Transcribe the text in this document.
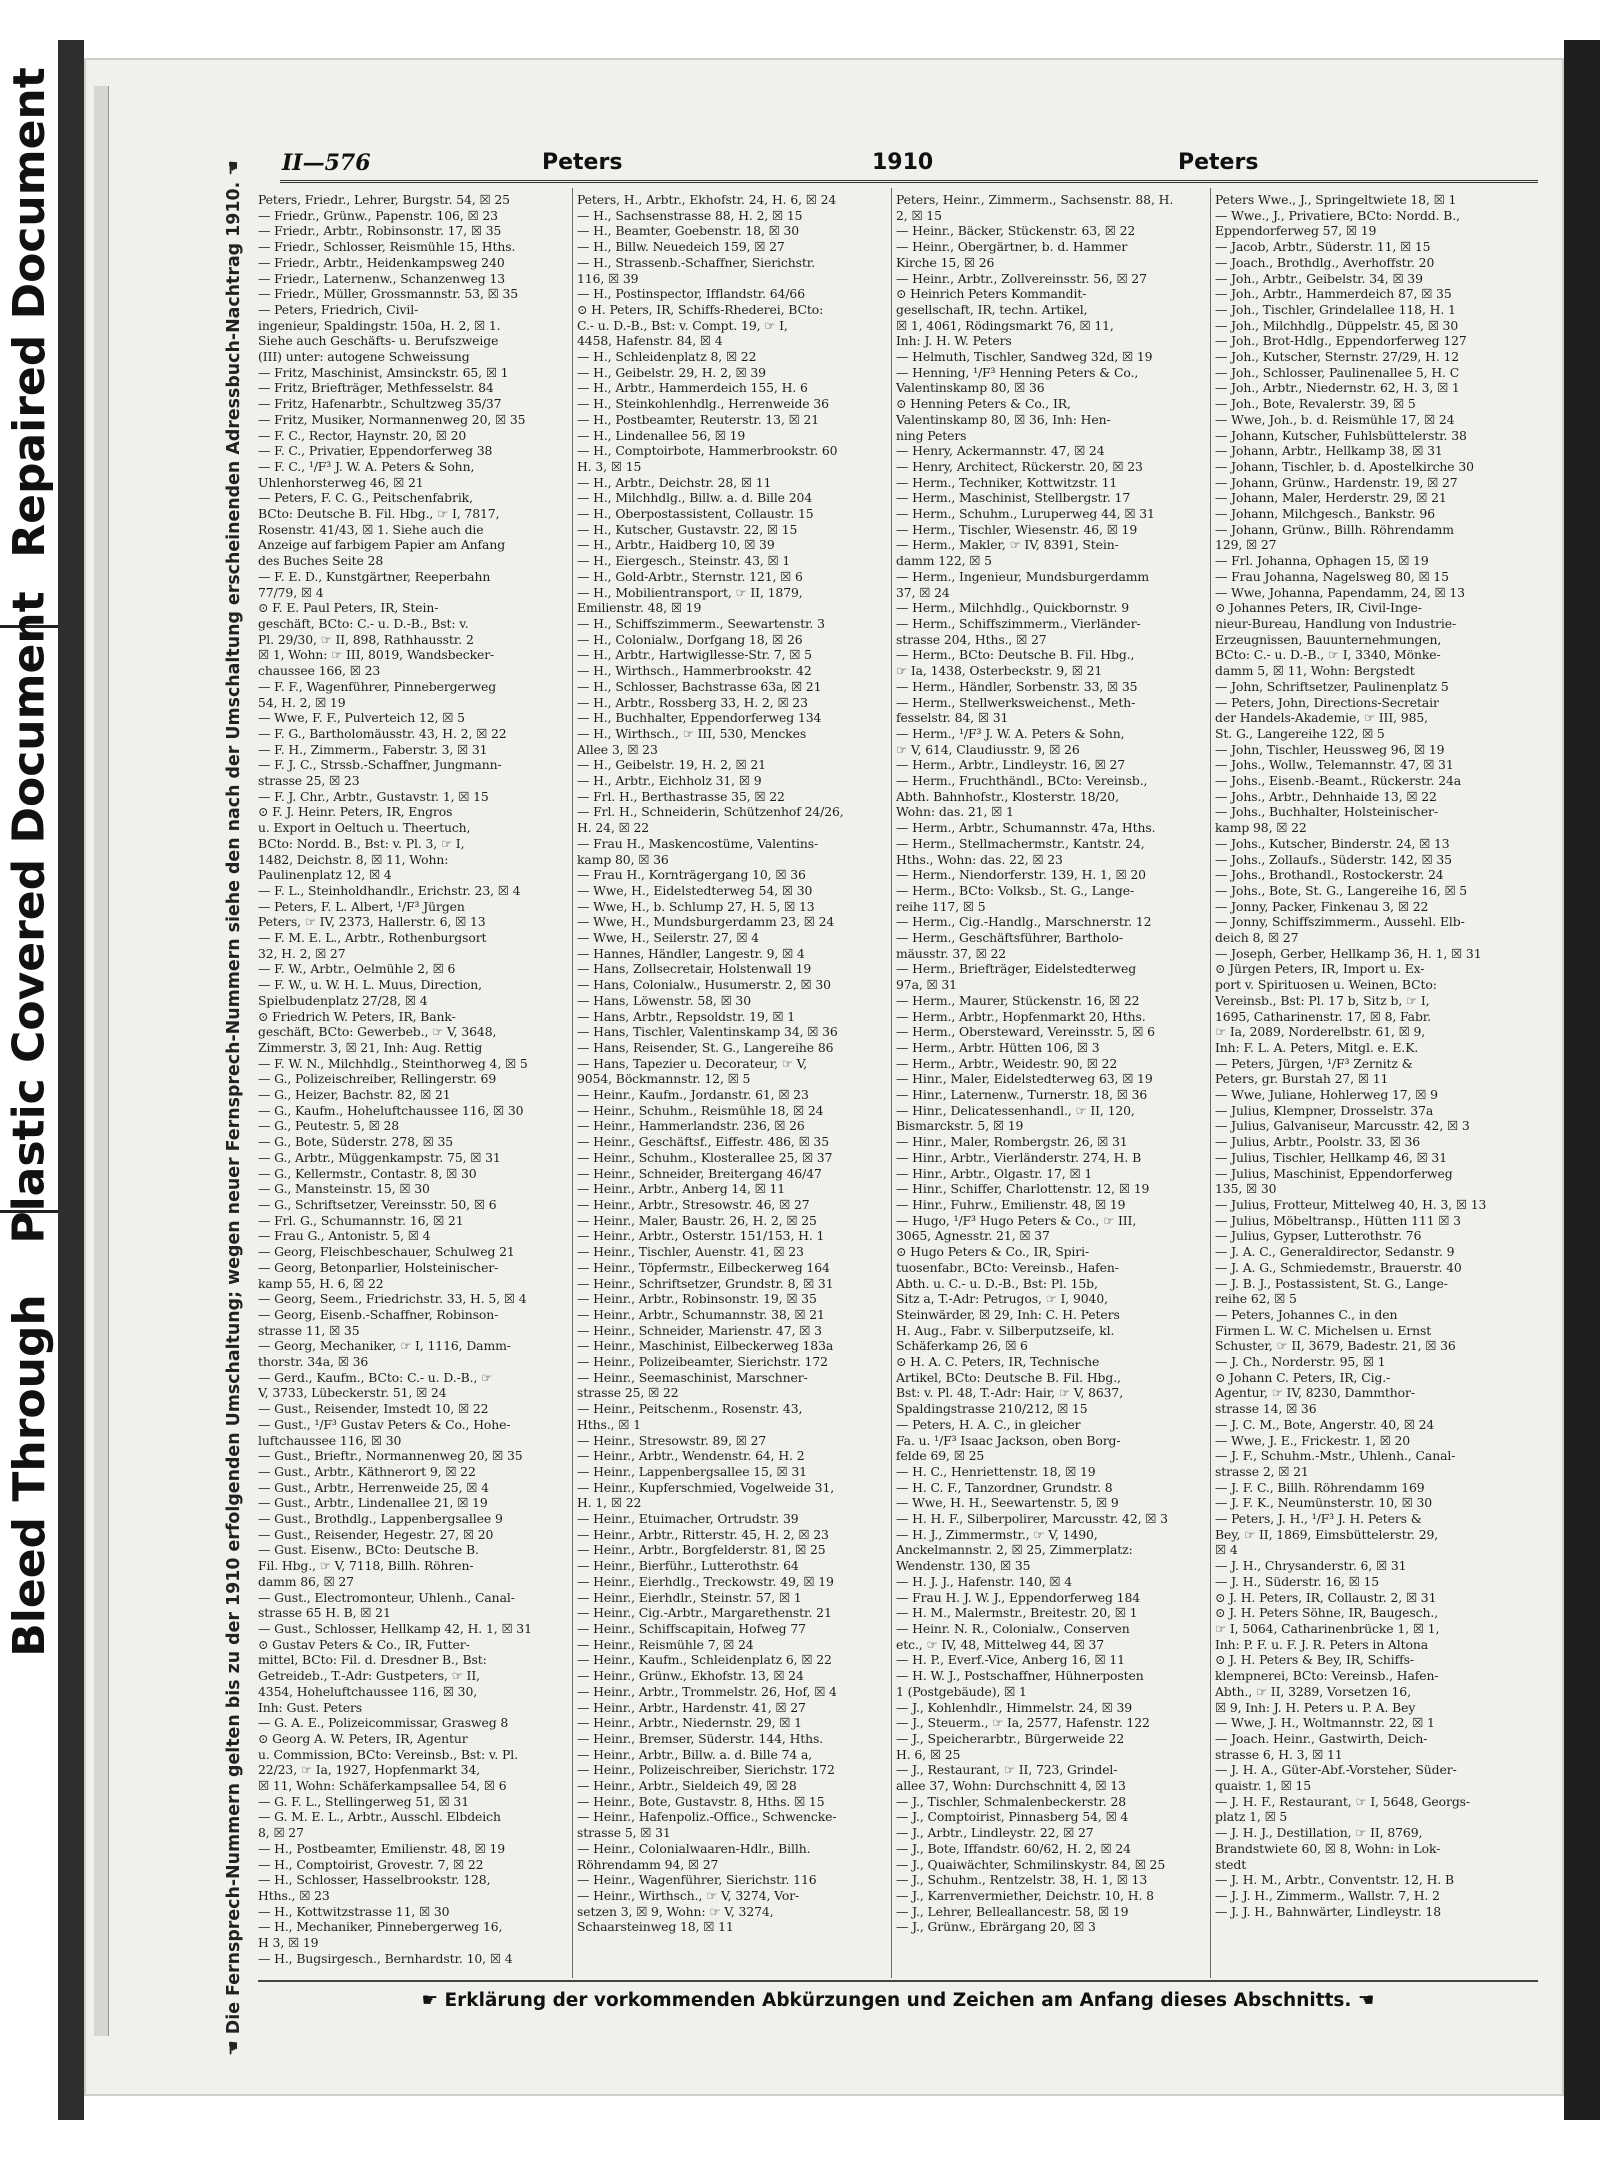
Repaired Document
Plastic Covered Document
Bleed Through	☚ Die Fernsprech-Nummern gelten bis zu der 1910 erfolgenden Umschaltung; wegen neuer Fernsprech-Nummern siehe den nach der Umschaltung erscheinenden Adressbuch-Nachtrag 1910. ☚ II—576	Peters	1910	Peters
Peters, Friedr., Lehrer, Burgstr. 54, ☒ 25
— Friedr., Grünw., Papenstr. 106, ☒ 23
— Friedr., Arbtr., Robinsonstr. 17, ☒ 35
— Friedr., Schlosser, Reismühle 15, Hths.
— Friedr., Arbtr., Heidenkampsweg 240
— Friedr., Laternenw., Schanzenweg 13
— Friedr., Müller, Grossmannstr. 53, ☒ 35
— Peters, Friedrich, Civil-
ingenieur, Spaldingstr. 150a, H. 2, ☒ 1.
Siehe auch Geschäfts- u. Berufszweige
(III) unter: autogene Schweissung
— Fritz, Maschinist, Amsinckstr. 65, ☒ 1
— Fritz, Briefträger, Methfesselstr. 84
— Fritz, Hafenarbtr., Schultzweg 35/37
— Fritz, Musiker, Normannenweg 20, ☒ 35
— F. C., Rector, Haynstr. 20, ☒ 20
— F. C., Privatier, Eppendorferweg 38
— F. C., ¹/F³ J. W. A. Peters & Sohn,
Uhlenhorsterweg 46, ☒ 21
— Peters, F. C. G., Peitschenfabrik,
BCto: Deutsche B. Fil. Hbg., ☞ I, 7817,
Rosenstr. 41/43, ☒ 1. Siehe auch die
Anzeige auf farbigem Papier am Anfang
des Buches Seite 28
— F. E. D., Kunstgärtner, Reeperbahn
77/79, ☒ 4
⊙ F. E. Paul Peters, IR, Stein-
geschäft, BCto: C.- u. D.-B., Bst: v.
Pl. 29/30, ☞ II, 898, Rathhausstr. 2
☒ 1, Wohn: ☞ III, 8019, Wandsbecker-
chaussee 166, ☒ 23
— F. F., Wagenführer, Pinnebergerweg
54, H. 2, ☒ 19
— Wwe, F. F., Pulverteich 12, ☒ 5
— F. G., Bartholomäusstr. 43, H. 2, ☒ 22
— F. H., Zimmerm., Faberstr. 3, ☒ 31
— F. J. C., Strssb.-Schaffner, Jungmann-
strasse 25, ☒ 23
— F. J. Chr., Arbtr., Gustavstr. 1, ☒ 15
⊙ F. J. Heinr. Peters, IR, Engros
u. Export in Oeltuch u. Theertuch,
BCto: Nordd. B., Bst: v. Pl. 3, ☞ I,
1482, Deichstr. 8, ☒ 11, Wohn:
Paulinenplatz 12, ☒ 4
— F. L., Steinholdhandlr., Erichstr. 23, ☒ 4
— Peters, F. L. Albert, ¹/F³ Jürgen
Peters, ☞ IV, 2373, Hallerstr. 6, ☒ 13
— F. M. E. L., Arbtr., Rothenburgsort
32, H. 2, ☒ 27
— F. W., Arbtr., Oelmühle 2, ☒ 6
— F. W., u. W. H. L. Muus, Direction,
Spielbudenplatz 27/28, ☒ 4
⊙ Friedrich W. Peters, IR, Bank-
geschäft, BCto: Gewerbeb., ☞ V, 3648,
Zimmerstr. 3, ☒ 21, Inh: Aug. Rettig
— F. W. N., Milchhdlg., Steinthorweg 4, ☒ 5
— G., Polizeischreiber, Rellingerstr. 69
— G., Heizer, Bachstr. 82, ☒ 21
— G., Kaufm., Hoheluftchaussee 116, ☒ 30
— G., Peutestr. 5, ☒ 28
— G., Bote, Süderstr. 278, ☒ 35
— G., Arbtr., Müggenkampstr. 75, ☒ 31
— G., Kellermstr., Contastr. 8, ☒ 30
— G., Mansteinstr. 15, ☒ 30
— G., Schriftsetzer, Vereinsstr. 50, ☒ 6
— Frl. G., Schumannstr. 16, ☒ 21
— Frau G., Antonistr. 5, ☒ 4
— Georg, Fleischbeschauer, Schulweg 21
— Georg, Betonparlier, Holsteinischer-
kamp 55, H. 6, ☒ 22
— Georg, Seem., Friedrichstr. 33, H. 5, ☒ 4
— Georg, Eisenb.-Schaffner, Robinson-
strasse 11, ☒ 35
— Georg, Mechaniker, ☞ I, 1116, Damm-
thorstr. 34a, ☒ 36
— Gerd., Kaufm., BCto: C.- u. D.-B., ☞
V, 3733, Lübeckerstr. 51, ☒ 24
— Gust., Reisender, Imstedt 10, ☒ 22
— Gust., ¹/F³ Gustav Peters & Co., Hohe-
luftchaussee 116, ☒ 30
— Gust., Brieftr., Normannenweg 20, ☒ 35
— Gust., Arbtr., Käthnerort 9, ☒ 22
— Gust., Arbtr., Herrenweide 25, ☒ 4
— Gust., Arbtr., Lindenallee 21, ☒ 19
— Gust., Brothdlg., Lappenbergsallee 9
— Gust., Reisender, Hegestr. 27, ☒ 20
— Gust. Eisenw., BCto: Deutsche B.
Fil. Hbg., ☞ V, 7118, Billh. Röhren-
damm 86, ☒ 27
— Gust., Electromonteur, Uhlenh., Canal-
strasse 65 H. B, ☒ 21
— Gust., Schlosser, Hellkamp 42, H. 1, ☒ 31
⊙ Gustav Peters & Co., IR, Futter-
mittel, BCto: Fil. d. Dresdner B., Bst:
Getreideb., T.-Adr: Gustpeters, ☞ II,
4354, Hoheluftchaussee 116, ☒ 30,
Inh: Gust. Peters
— G. A. E., Polizeicommissar, Grasweg 8
⊙ Georg A. W. Peters, IR, Agentur
u. Commission, BCto: Vereinsb., Bst: v. Pl.
22/23, ☞ Ia, 1927, Hopfenmarkt 34,
☒ 11, Wohn: Schäferkampsallee 54, ☒ 6
— G. F. L., Stellingerweg 51, ☒ 31
— G. M. E. L., Arbtr., Ausschl. Elbdeich
8, ☒ 27
— H., Postbeamter, Emilienstr. 48, ☒ 19
— H., Comptoirist, Grovestr. 7, ☒ 22
— H., Schlosser, Hasselbrookstr. 128,
Hths., ☒ 23
— H., Kottwitzstrasse 11, ☒ 30
— H., Mechaniker, Pinnebergerweg 16,
H 3, ☒ 19
— H., Bugsirgesch., Bernhardstr. 10, ☒ 4
Peters, H., Arbtr., Ekhofstr. 24, H. 6, ☒ 24
— H., Sachsenstrasse 88, H. 2, ☒ 15
— H., Beamter, Goebenstr. 18, ☒ 30
— H., Billw. Neuedeich 159, ☒ 27
— H., Strassenb.-Schaffner, Sierichstr.
116, ☒ 39
— H., Postinspector, Ifflandstr. 64/66
⊙ H. Peters, IR, Schiffs-Rhederei, BCto:
C.- u. D.-B., Bst: v. Compt. 19, ☞ I,
4458, Hafenstr. 84, ☒ 4
— H., Schleidenplatz 8, ☒ 22
— H., Geibelstr. 29, H. 2, ☒ 39
— H., Arbtr., Hammerdeich 155, H. 6
— H., Steinkohlenhdlg., Herrenweide 36
— H., Postbeamter, Reuterstr. 13, ☒ 21
— H., Lindenallee 56, ☒ 19
— H., Comptoirbote, Hammerbrookstr. 60
H. 3, ☒ 15
— H., Arbtr., Deichstr. 28, ☒ 11
— H., Milchhdlg., Billw. a. d. Bille 204
— H., Oberpostassistent, Collaustr. 15
— H., Kutscher, Gustavstr. 22, ☒ 15
— H., Arbtr., Haidberg 10, ☒ 39
— H., Eiergesch., Steinstr. 43, ☒ 1
— H., Gold-Arbtr., Sternstr. 121, ☒ 6
— H., Mobilientransport, ☞ II, 1879,
Emilienstr. 48, ☒ 19
— H., Schiffszimmerm., Seewartenstr. 3
— H., Colonialw., Dorfgang 18, ☒ 26
— H., Arbtr., Hartwigllesse-Str. 7, ☒ 5
— H., Wirthsch., Hammerbrookstr. 42
— H., Schlosser, Bachstrasse 63a, ☒ 21
— H., Arbtr., Rossberg 33, H. 2, ☒ 23
— H., Buchhalter, Eppendorferweg 134
— H., Wirthsch., ☞ III, 530, Menckes
Allee 3, ☒ 23
— H., Geibelstr. 19, H. 2, ☒ 21
— H., Arbtr., Eichholz 31, ☒ 9
— Frl. H., Berthastrasse 35, ☒ 22
— Frl. H., Schneiderin, Schützenhof 24/26,
H. 24, ☒ 22
— Frau H., Maskencostüme, Valentins-
kamp 80, ☒ 36
— Frau H., Kornträgergang 10, ☒ 36
— Wwe, H., Eidelstedterweg 54, ☒ 30
— Wwe, H., b. Schlump 27, H. 5, ☒ 13
— Wwe, H., Mundsburgerdamm 23, ☒ 24
— Wwe, H., Seilerstr. 27, ☒ 4
— Hannes, Händler, Langestr. 9, ☒ 4
— Hans, Zollsecretair, Holstenwall 19
— Hans, Colonialw., Husumerstr. 2, ☒ 30
— Hans, Löwenstr. 58, ☒ 30
— Hans, Arbtr., Repsoldstr. 19, ☒ 1
— Hans, Tischler, Valentinskamp 34, ☒ 36
— Hans, Reisender, St. G., Langereihe 86
— Hans, Tapezier u. Decorateur, ☞ V,
9054, Böckmannstr. 12, ☒ 5
— Heinr., Kaufm., Jordanstr. 61, ☒ 23
— Heinr., Schuhm., Reismühle 18, ☒ 24
— Heinr., Hammerlandstr. 236, ☒ 26
— Heinr., Geschäftsf., Eiffestr. 486, ☒ 35
— Heinr., Schuhm., Klosterallee 25, ☒ 37
— Heinr., Schneider, Breitergang 46/47
— Heinr., Arbtr., Anberg 14, ☒ 11
— Heinr., Arbtr., Stresowstr. 46, ☒ 27
— Heinr., Maler, Baustr. 26, H. 2, ☒ 25
— Heinr., Arbtr., Osterstr. 151/153, H. 1
— Heinr., Tischler, Auenstr. 41, ☒ 23
— Heinr., Töpfermstr., Eilbeckerweg 164
— Heinr., Schriftsetzer, Grundstr. 8, ☒ 31
— Heinr., Arbtr., Robinsonstr. 19, ☒ 35
— Heinr., Arbtr., Schumannstr. 38, ☒ 21
— Heinr., Schneider, Marienstr. 47, ☒ 3
— Heinr., Maschinist, Eilbeckerweg 183a
— Heinr., Polizeibeamter, Sierichstr. 172
— Heinr., Seemaschinist, Marschner-
strasse 25, ☒ 22
— Heinr., Peitschenm., Rosenstr. 43,
Hths., ☒ 1
— Heinr., Stresowstr. 89, ☒ 27
— Heinr., Arbtr., Wendenstr. 64, H. 2
— Heinr., Lappenbergsallee 15, ☒ 31
— Heinr., Kupferschmied, Vogelweide 31,
H. 1, ☒ 22
— Heinr., Etuimacher, Ortrudstr. 39
— Heinr., Arbtr., Ritterstr. 45, H. 2, ☒ 23
— Heinr., Arbtr., Borgfelderstr. 81, ☒ 25
— Heinr., Bierführ., Lutterothstr. 64
— Heinr., Eierhdlg., Treckowstr. 49, ☒ 19
— Heinr., Eierhdlr., Steinstr. 57, ☒ 1
— Heinr., Cig.-Arbtr., Margarethenstr. 21
— Heinr., Schiffscapitain, Hofweg 77
— Heinr., Reismühle 7, ☒ 24
— Heinr., Kaufm., Schleidenplatz 6, ☒ 22
— Heinr., Grünw., Ekhofstr. 13, ☒ 24
— Heinr., Arbtr., Trommelstr. 26, Hof, ☒ 4
— Heinr., Arbtr., Hardenstr. 41, ☒ 27
— Heinr., Arbtr., Niedernstr. 29, ☒ 1
— Heinr., Bremser, Süderstr. 144, Hths.
— Heinr., Arbtr., Billw. a. d. Bille 74 a,
— Heinr., Polizeischreiber, Sierichstr. 172
— Heinr., Arbtr., Sieldeich 49, ☒ 28
— Heinr., Bote, Gustavstr. 8, Hths. ☒ 15
— Heinr., Hafenpoliz.-Office., Schwencke-
strasse 5, ☒ 31
— Heinr., Colonialwaaren-Hdlr., Billh.
Röhrendamm 94, ☒ 27
— Heinr., Wagenführer, Sierichstr. 116
— Heinr., Wirthsch., ☞ V, 3274, Vor-
setzen 3, ☒ 9, Wohn: ☞ V, 3274,
Schaarsteinweg 18, ☒ 11
Peters, Heinr., Zimmerm., Sachsenstr. 88, H.
2, ☒ 15
— Heinr., Bäcker, Stückenstr. 63, ☒ 22
— Heinr., Obergärtner, b. d. Hammer
Kirche 15, ☒ 26
— Heinr., Arbtr., Zollvereinsstr. 56, ☒ 27
⊙ Heinrich Peters Kommandit-
gesellschaft, IR, techn. Artikel,
☒ 1, 4061, Rödingsmarkt 76, ☒ 11,
Inh: J. H. W. Peters
— Helmuth, Tischler, Sandweg 32d, ☒ 19
— Henning, ¹/F³ Henning Peters & Co.,
Valentinskamp 80, ☒ 36
⊙ Henning Peters & Co., IR,
Valentinskamp 80, ☒ 36, Inh: Hen-
ning Peters
— Henry, Ackermannstr. 47, ☒ 24
— Henry, Architect, Rückerstr. 20, ☒ 23
— Herm., Techniker, Kottwitzstr. 11
— Herm., Maschinist, Stellbergstr. 17
— Herm., Schuhm., Luruperweg 44, ☒ 31
— Herm., Tischler, Wiesenstr. 46, ☒ 19
— Herm., Makler, ☞ IV, 8391, Stein-
damm 122, ☒ 5
— Herm., Ingenieur, Mundsburgerdamm
37, ☒ 24
— Herm., Milchhdlg., Quickbornstr. 9
— Herm., Schiffszimmerm., Vierländer-
strasse 204, Hths., ☒ 27
— Herm., BCto: Deutsche B. Fil. Hbg.,
☞ Ia, 1438, Osterbeckstr. 9, ☒ 21
— Herm., Händler, Sorbenstr. 33, ☒ 35
— Herm., Stellwerksweichenst., Meth-
fesselstr. 84, ☒ 31
— Herm., ¹/F³ J. W. A. Peters & Sohn,
☞ V, 614, Claudiusstr. 9, ☒ 26
— Herm., Arbtr., Lindleystr. 16, ☒ 27
— Herm., Fruchthändl., BCto: Vereinsb.,
Abth. Bahnhofstr., Klosterstr. 18/20,
Wohn: das. 21, ☒ 1
— Herm., Arbtr., Schumannstr. 47a, Hths.
— Herm., Stellmachermstr., Kantstr. 24,
Hths., Wohn: das. 22, ☒ 23
— Herm., Niendorferstr. 139, H. 1, ☒ 20
— Herm., BCto: Volksb., St. G., Lange-
reihe 117, ☒ 5
— Herm., Cig.-Handlg., Marschnerstr. 12
— Herm., Geschäftsführer, Bartholo-
mäusstr. 37, ☒ 22
— Herm., Briefträger, Eidelstedterweg
97a, ☒ 31
— Herm., Maurer, Stückenstr. 16, ☒ 22
— Herm., Arbtr., Hopfenmarkt 20, Hths.
— Herm., Obersteward, Vereinsstr. 5, ☒ 6
— Herm., Arbtr. Hütten 106, ☒ 3
— Herm., Arbtr., Weidestr. 90, ☒ 22
— Hinr., Maler, Eidelstedterweg 63, ☒ 19
— Hinr., Laternenw., Turnerstr. 18, ☒ 36
— Hinr., Delicatessenhandl., ☞ II, 120,
Bismarckstr. 5, ☒ 19
— Hinr., Maler, Rombergstr. 26, ☒ 31
— Hinr., Arbtr., Vierländerstr. 274, H. B
— Hinr., Arbtr., Olgastr. 17, ☒ 1
— Hinr., Schiffer, Charlottenstr. 12, ☒ 19
— Hinr., Fuhrw., Emilienstr. 48, ☒ 19
— Hugo, ¹/F³ Hugo Peters & Co., ☞ III,
3065, Agnesstr. 21, ☒ 37
⊙ Hugo Peters & Co., IR, Spiri-
tuosenfabr., BCto: Vereinsb., Hafen-
Abth. u. C.- u. D.-B., Bst: Pl. 15b,
Sitz a, T.-Adr: Petrugos, ☞ I, 9040,
Steinwärder, ☒ 29, Inh: C. H. Peters
H. Aug., Fabr. v. Silberputzseife, kl.
Schäferkamp 26, ☒ 6
⊙ H. A. C. Peters, IR, Technische
Artikel, BCto: Deutsche B. Fil. Hbg.,
Bst: v. Pl. 48, T.-Adr: Hair, ☞ V, 8637,
Spaldingstrasse 210/212, ☒ 15
— Peters, H. A. C., in gleicher
Fa. u. ¹/F³ Isaac Jackson, oben Borg-
felde 69, ☒ 25
— H. C., Henriettenstr. 18, ☒ 19
— H. C. F., Tanzordner, Grundstr. 8
— Wwe, H. H., Seewartenstr. 5, ☒ 9
— H. H. F., Silberpolirer, Marcusstr. 42, ☒ 3
— H. J., Zimmermstr., ☞ V, 1490,
Anckelmannstr. 2, ☒ 25, Zimmerplatz:
Wendenstr. 130, ☒ 35
— H. J. J., Hafenstr. 140, ☒ 4
— Frau H. J. W. J., Eppendorferweg 184
— H. M., Malermstr., Breitestr. 20, ☒ 1
— Heinr. N. R., Colonialw., Conserven
etc., ☞ IV, 48, Mittelweg 44, ☒ 37
— H. P., Everf.-Vice, Anberg 16, ☒ 11
— H. W. J., Postschaffner, Hühnerposten
1 (Postgebäude), ☒ 1
— J., Kohlenhdlr., Himmelstr. 24, ☒ 39
— J., Steuerm., ☞ Ia, 2577, Hafenstr. 122
— J., Speicherarbtr., Bürgerweide 22
H. 6, ☒ 25
— J., Restaurant, ☞ II, 723, Grindel-
allee 37, Wohn: Durchschnitt 4, ☒ 13
— J., Tischler, Schmalenbeckerstr. 28
— J., Comptoirist, Pinnasberg 54, ☒ 4
— J., Arbtr., Lindleystr. 22, ☒ 27
— J., Bote, Iffandstr. 60/62, H. 2, ☒ 24
— J., Quaiwächter, Schmilinskystr. 84, ☒ 25
— J., Schuhm., Rentzelstr. 38, H. 1, ☒ 13
— J., Karrenvermiether, Deichstr. 10, H. 8
— J., Lehrer, Belleallancestr. 58, ☒ 19
— J., Grünw., Ebrärgang 20, ☒ 3
Peters Wwe., J., Springeltwiete 18, ☒ 1
— Wwe., J., Privatiere, BCto: Nordd. B.,
Eppendorferweg 57, ☒ 19
— Jacob, Arbtr., Süderstr. 11, ☒ 15
— Joach., Brothdlg., Averhoffstr. 20
— Joh., Arbtr., Geibelstr. 34, ☒ 39
— Joh., Arbtr., Hammerdeich 87, ☒ 35
— Joh., Tischler, Grindelallee 118, H. 1
— Joh., Milchhdlg., Düppelstr. 45, ☒ 30
— Joh., Brot-Hdlg., Eppendorferweg 127
— Joh., Kutscher, Sternstr. 27/29, H. 12
— Joh., Schlosser, Paulinenallee 5, H. C
— Joh., Arbtr., Niedernstr. 62, H. 3, ☒ 1
— Joh., Bote, Revalerstr. 39, ☒ 5
— Wwe, Joh., b. d. Reismühle 17, ☒ 24
— Johann, Kutscher, Fuhlsbüttelerstr. 38
— Johann, Arbtr., Hellkamp 38, ☒ 31
— Johann, Tischler, b. d. Apostelkirche 30
— Johann, Grünw., Hardenstr. 19, ☒ 27
— Johann, Maler, Herderstr. 29, ☒ 21
— Johann, Milchgesch., Bankstr. 96
— Johann, Grünw., Billh. Röhrendamm
129, ☒ 27
— Frl. Johanna, Ophagen 15, ☒ 19
— Frau Johanna, Nagelsweg 80, ☒ 15
— Wwe, Johanna, Papendamm, 24, ☒ 13
⊙ Johannes Peters, IR, Civil-Inge-
nieur-Bureau, Handlung von Industrie-
Erzeugnissen, Bauunternehmungen,
BCto: C.- u. D.-B., ☞ I, 3340, Mönke-
damm 5, ☒ 11, Wohn: Bergstedt
— John, Schriftsetzer, Paulinenplatz 5
— Peters, John, Directions-Secretair
der Handels-Akademie, ☞ III, 985,
St. G., Langereihe 122, ☒ 5
— John, Tischler, Heussweg 96, ☒ 19
— Johs., Wollw., Telemannstr. 47, ☒ 31
— Johs., Eisenb.-Beamt., Rückerstr. 24a
— Johs., Arbtr., Dehnhaide 13, ☒ 22
— Johs., Buchhalter, Holsteinischer-
kamp 98, ☒ 22
— Johs., Kutscher, Binderstr. 24, ☒ 13
— Johs., Zollaufs., Süderstr. 142, ☒ 35
— Johs., Brothandl., Rostockerstr. 24
— Johs., Bote, St. G., Langereihe 16, ☒ 5
— Jonny, Packer, Finkenau 3, ☒ 22
— Jonny, Schiffszimmerm., Aussehl. Elb-
deich 8, ☒ 27
— Joseph, Gerber, Hellkamp 36, H. 1, ☒ 31
⊙ Jürgen Peters, IR, Import u. Ex-
port v. Spirituosen u. Weinen, BCto:
Vereinsb., Bst: Pl. 17 b, Sitz b, ☞ I,
1695, Catharinenstr. 17, ☒ 8, Fabr.
☞ Ia, 2089, Norderelbstr. 61, ☒ 9,
Inh: F. L. A. Peters, Mitgl. e. E.K.
— Peters, Jürgen, ¹/F³ Zernitz &
Peters, gr. Burstah 27, ☒ 11
— Wwe, Juliane, Hohlerweg 17, ☒ 9
— Julius, Klempner, Drosselstr. 37a
— Julius, Galvaniseur, Marcusstr. 42, ☒ 3
— Julius, Arbtr., Poolstr. 33, ☒ 36
— Julius, Tischler, Hellkamp 46, ☒ 31
— Julius, Maschinist, Eppendorferweg
135, ☒ 30
— Julius, Frotteur, Mittelweg 40, H. 3, ☒ 13
— Julius, Möbeltransp., Hütten 111 ☒ 3
— Julius, Gypser, Lutterothstr. 76
— J. A. C., Generaldirector, Sedanstr. 9
— J. A. G., Schmiedemstr., Brauerstr. 40
— J. B. J., Postassistent, St. G., Lange-
reihe 62, ☒ 5
— Peters, Johannes C., in den
Firmen L. W. C. Michelsen u. Ernst
Schuster, ☞ II, 3679, Badestr. 21, ☒ 36
— J. Ch., Norderstr. 95, ☒ 1
⊙ Johann C. Peters, IR, Cig.-
Agentur, ☞ IV, 8230, Dammthor-
strasse 14, ☒ 36
— J. C. M., Bote, Angerstr. 40, ☒ 24
— Wwe, J. E., Frickestr. 1, ☒ 20
— J. F., Schuhm.-Mstr., Uhlenh., Canal-
strasse 2, ☒ 21
— J. F. C., Billh. Röhrendamm 169
— J. F. K., Neumünsterstr. 10, ☒ 30
— Peters, J. H., ¹/F³ J. H. Peters &
Bey, ☞ II, 1869, Eimsbüttelerstr. 29,
☒ 4
— J. H., Chrysanderstr. 6, ☒ 31
— J. H., Süderstr. 16, ☒ 15
⊙ J. H. Peters, IR, Collaustr. 2, ☒ 31
⊙ J. H. Peters Söhne, IR, Baugesch.,
☞ I, 5064, Catharinenbrücke 1, ☒ 1,
Inh: P. F. u. F. J. R. Peters in Altona
⊙ J. H. Peters & Bey, IR, Schiffs-
klempnerei, BCto: Vereinsb., Hafen-
Abth., ☞ II, 3289, Vorsetzen 16,
☒ 9, Inh: J. H. Peters u. P. A. Bey
— Wwe, J. H., Woltmannstr. 22, ☒ 1
— Joach. Heinr., Gastwirth, Deich-
strasse 6, H. 3, ☒ 11
— J. H. A., Güter-Abf.-Vorsteher, Süder-
quaistr. 1, ☒ 15
— J. H. F., Restaurant, ☞ I, 5648, Georgs-
platz 1, ☒ 5
— J. H. J., Destillation, ☞ II, 8769,
Brandstwiete 60, ☒ 8, Wohn: in Lok-
stedt
— J. H. M., Arbtr., Conventstr. 12, H. B
— J. J. H., Zimmerm., Wallstr. 7, H. 2
— J. J. H., Bahnwärter, Lindleystr. 18
☛ Erklärung der vorkommenden Abkürzungen und Zeichen am Anfang dieses Abschnitts. ☚
